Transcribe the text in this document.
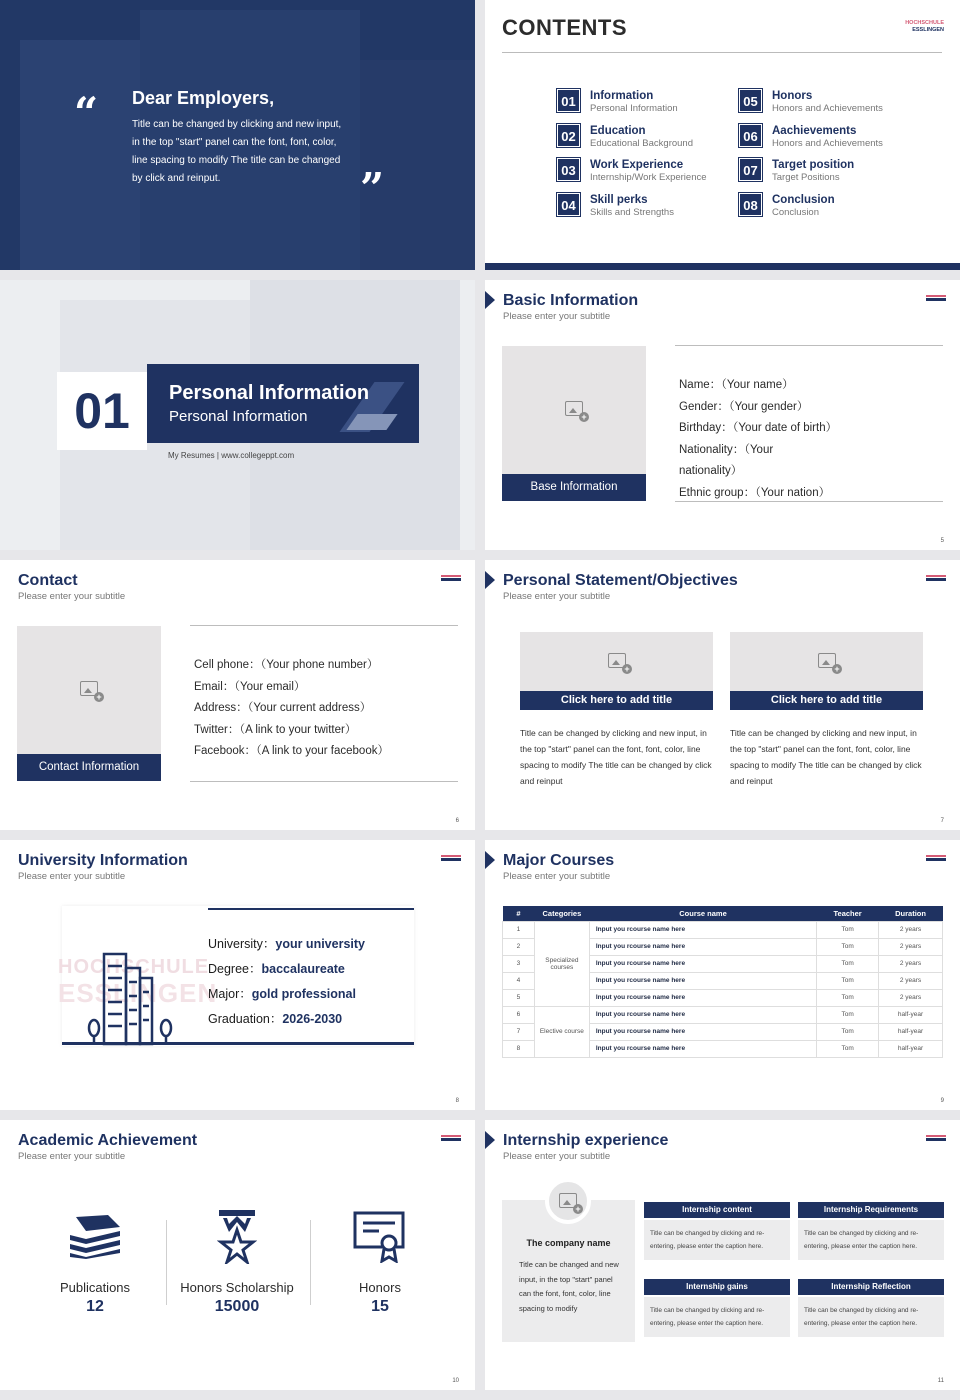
“ Dear Employers,
Title can be changed by clicking and new input, in the top "start" panel can the font, font, color, line spacing to modify The title can be changed by click and reinput.	”
CONTENTS	HOCHSCHULE
ESSLINGEN
01	Information
Personal Information
02	Education
Educational Background
03	Work Experience
Internship/Work Experience
04	Skill perks
Skills and Strengths
05	Honors
Honors and Achievements
06	Aachievements
Honors and Achievements
07	Target position
Target Positions
08	Conclusion
Conclusion
01	Personal Information
Personal Information
My Resumes | www.collegeppt.com
Basic Information
Please enter your subtitle
+
Base Information
Name：（Your name）
Gender：（Your gender）
Birthday：（Your date of birth）
Nationality：（Your
nationality）
Ethnic group：（Your nation）
5
Contact
Please enter your subtitle
+
Contact Information
Cell phone：（Your phone number）
Email：（Your email）
Address：（Your current address）
Twitter：（A link to your twitter）
Facebook：（A link to your facebook）
6
Personal Statement/Objectives
Please enter your subtitle
+
Click here to add title
Title can be changed by clicking and new input, in the top "start" panel can the font, font, color, line spacing to modify The title can be changed by click and reinput
+
Click here to add title
Title can be changed by clicking and new input, in the top "start" panel can the font, font, color, line spacing to modify The title can be changed by click and reinput
7
University Information
Please enter your subtitle
HOCHSCHULE
ESSLINGEN
University：your university
Degree：baccalaureate
Major：gold professional
Graduation：2026-2030
8
Major Courses
Please enter your subtitle
#	Categories	Course name	Teacher	Duration
1	Specialized courses	Input you rcourse name here	Tom	2 years
2		Input you rcourse name here	Tom	2 years
3		Input you rcourse name here	Tom	2 years
4		Input you rcourse name here	Tom	2 years
5		Input you rcourse name here	Tom	2 years
6	Elective course	Input you rcourse name here	Tom	half-year
7		Input you rcourse name here	Tom	half-year
8		Input you rcourse name here	Tom	half-year
9
Academic Achievement
Please enter your subtitle
Publications
12
Honors Scholarship
15000
Honors
15
10
Internship experience
Please enter your subtitle
+
The company name
Title can be changed and new input, in the top "start" panel can the font, font, color, line spacing to modify
Internship content
Title can be changed by clicking and re-entering, please enter the caption here.
Internship Requirements
Title can be changed by clicking and re-entering, please enter the caption here.
Internship gains
Title can be changed by clicking and re-entering, please enter the caption here.
Internship Reflection
Title can be changed by clicking and re-entering, please enter the caption here.
11
